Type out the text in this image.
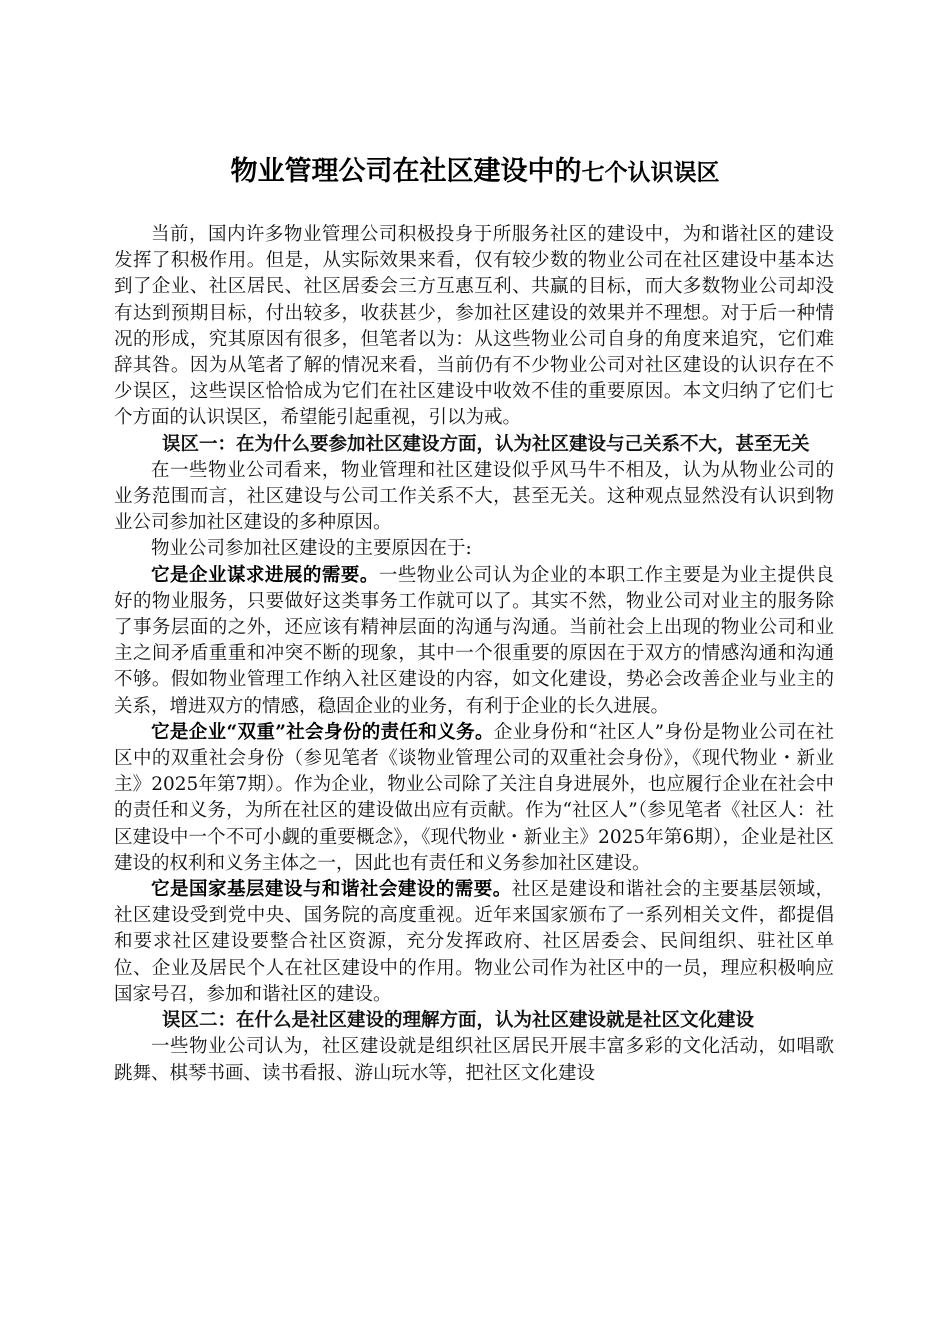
物业管理公司在社区建设中的七个认识误区

当前，国内许多物业管理公司积极投身于所服务社区的建设中，为和谐社区的建设发挥了积极作用。但是，从实际效果来看，仅有较少数的物业公司在社区建设中基本达到了企业、社区居民、社区居委会三方互惠互利、共赢的目标，而大多数物业公司却没有达到预期目标，付出较多，收获甚少，参加社区建设的效果并不理想。对于后一种情况的形成，究其原因有很多，但笔者以为：从这些物业公司自身的角度来追究，它们难辞其咎。因为从笔者了解的情况来看，当前仍有不少物业公司对社区建设的认识存在不少误区，这些误区恰恰成为它们在社区建设中收效不佳的重要原因。本文归纳了它们七个方面的认识误区，希望能引起重视，引以为戒。

误区一：在为什么要参加社区建设方面，认为社区建设与己关系不大，甚至无关

在一些物业公司看来，物业管理和社区建设似乎风马牛不相及，认为从物业公司的业务范围而言，社区建设与公司工作关系不大，甚至无关。这种观点显然没有认识到物业公司参加社区建设的多种原因。

物业公司参加社区建设的主要原因在于:

它是企业谋求进展的需要。一些物业公司认为企业的本职工作主要是为业主提供良好的物业服务，只要做好这类事务工作就可以了。其实不然，物业公司对业主的服务除了事务层面的之外，还应该有精神层面的沟通与沟通。当前社会上出现的物业公司和业主之间矛盾重重和冲突不断的现象，其中一个很重要的原因在于双方的情感沟通和沟通不够。假如物业管理工作纳入社区建设的内容，如文化建设，势必会改善企业与业主的关系，增进双方的情感，稳固企业的业务，有利于企业的长久进展。

它是企业“双重”社会身份的责任和义务。企业身份和“社区人”身份是物业公司在社区中的双重社会身份（参见笔者《谈物业管理公司的双重社会身份》，《现代物业・新业主》2025年第7期）。作为企业，物业公司除了关注自身进展外，也应履行企业在社会中的责任和义务，为所在社区的建设做出应有贡献。作为“社区人”（参见笔者《社区人：社区建设中一个不可小觑的重要概念》，《现代物业・新业主》2025年第6期），企业是社区建设的权利和义务主体之一，因此也有责任和义务参加社区建设。

它是国家基层建设与和谐社会建设的需要。社区是建设和谐社会的主要基层领域，社区建设受到党中央、国务院的高度重视。近年来国家颁布了一系列相关文件，都提倡和要求社区建设要整合社区资源，充分发挥政府、社区居委会、民间组织、驻社区单位、企业及居民个人在社区建设中的作用。物业公司作为社区中的一员，理应积极响应国家号召，参加和谐社区的建设。

误区二：在什么是社区建设的理解方面，认为社区建设就是社区文化建设

一些物业公司认为，社区建设就是组织社区居民开展丰富多彩的文化活动，如唱歌跳舞、棋琴书画、读书看报、游山玩水等，把社区文化建设
